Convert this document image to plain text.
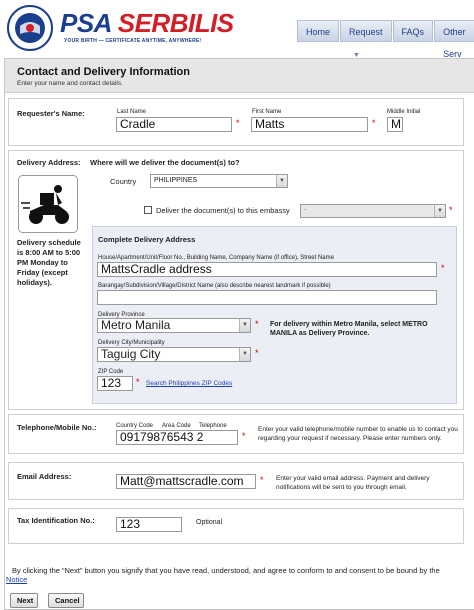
PSA SERBILIS
YOUR BIRTH — CERTIFICATE ANYTIME, ANYWHERE!
Home	Request▼
FAQs	Other Serv
Contact and Delivery Information
Enter your name and contact details.
Requester's Name:	Last Name
Cradle	*
First Name
Matts	*
Middle Initial
M
Delivery Address: Where will we deliver the document(s) to?
Delivery schedule is 8:00 AM to 5:00 PM Monday to Friday (except holidays).
Country	PHILIPPINES	▼
Deliver the document(s) to this embassy	-	▼ *
Complete Delivery Address
House/Apartment/Unit/Floor No., Building Name, Company Name (if office), Street Name
MattsCradle address	*
Barangay/Subdivision/Village/District Name (also describe nearest landmark if possible)
Delivery Province
Metro Manila	▼ * For delivery within Metro Manila, select METRO MANILA as Delivery Province.
Delivery City/Municipality
Taguig City	▼ *
ZIP Code
123	* Search Philippines ZIP Codes
Telephone/Mobile No.:	Country Code Area Code Telephone
09179876543 2	*
Enter your valid telephone/mobile number to enable us to contact you regarding your request if necessary. Please enter numbers only.
Email Address:	Matt@mattscradle.com	* Enter your valid email address. Payment and delivery notifications will be sent to you through email.
Tax Identification No.:	123	Optional
By clicking the “Next” button you signify that you have read, understood, and agree to conform to and consent to be bound by the
Notice
Next	Cancel
